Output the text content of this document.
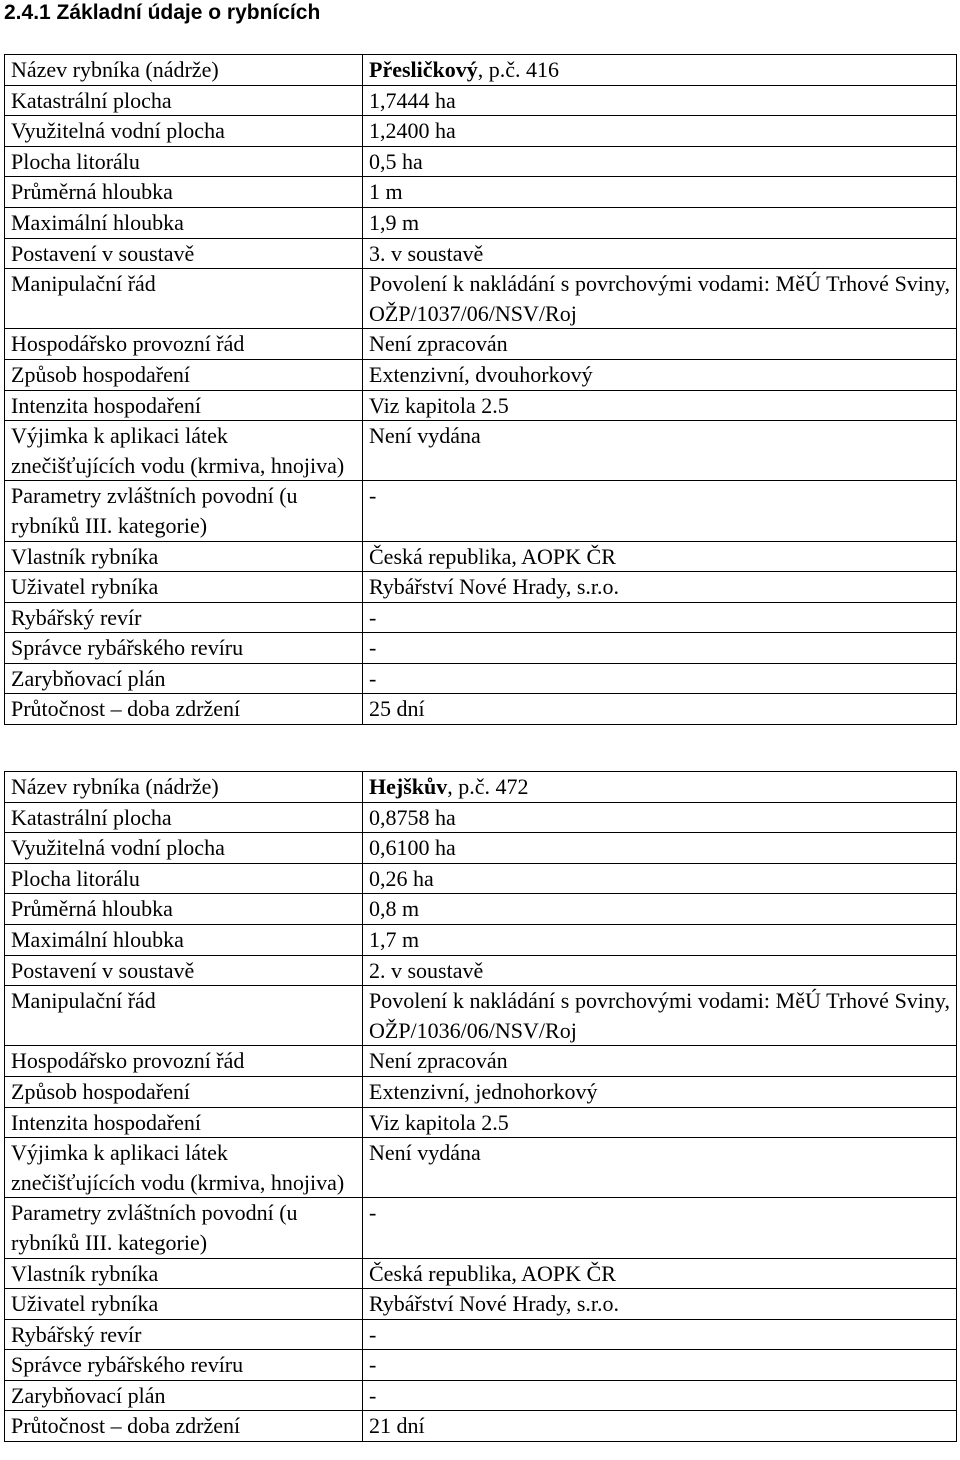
2.4.1 Základní údaje o rybnících
Název rybníka (nádrže)	Přesličkový, p.č. 416
Katastrální plocha	1,7444 ha
Využitelná vodní plocha	1,2400 ha
Plocha litorálu	0,5 ha
Průměrná hloubka	1 m
Maximální hloubka	1,9 m
Postavení v soustavě	3. v soustavě
Manipulační řád	Povolení k nakládání s povrchovými vodami: MěÚ Trhové Sviny, OŽP/1037/06/NSV/Roj
Hospodářsko provozní řád	Není zpracován
Způsob hospodaření	Extenzivní, dvouhorkový
Intenzita hospodaření	Viz kapitola 2.5
Výjimka k aplikaci látek znečišťujících vodu (krmiva, hnojiva)	Není vydána
Parametry zvláštních povodní (u rybníků III. kategorie)	-
Vlastník rybníka	Česká republika, AOPK ČR
Uživatel rybníka	Rybářství Nové Hrady, s.r.o.
Rybářský revír	-
Správce rybářského revíru	-
Zarybňovací plán	-
Průtočnost – doba zdržení	25 dní
Název rybníka (nádrže)	Hejškův, p.č. 472
Katastrální plocha	0,8758 ha
Využitelná vodní plocha	0,6100 ha
Plocha litorálu	0,26 ha
Průměrná hloubka	0,8 m
Maximální hloubka	1,7 m
Postavení v soustavě	2. v soustavě
Manipulační řád	Povolení k nakládání s povrchovými vodami: MěÚ Trhové Sviny, OŽP/1036/06/NSV/Roj
Hospodářsko provozní řád	Není zpracován
Způsob hospodaření	Extenzivní, jednohorkový
Intenzita hospodaření	Viz kapitola 2.5
Výjimka k aplikaci látek znečišťujících vodu (krmiva, hnojiva)	Není vydána
Parametry zvláštních povodní (u rybníků III. kategorie)	-
Vlastník rybníka	Česká republika, AOPK ČR
Uživatel rybníka	Rybářství Nové Hrady, s.r.o.
Rybářský revír	-
Správce rybářského revíru	-
Zarybňovací plán	-
Průtočnost – doba zdržení	21 dní
